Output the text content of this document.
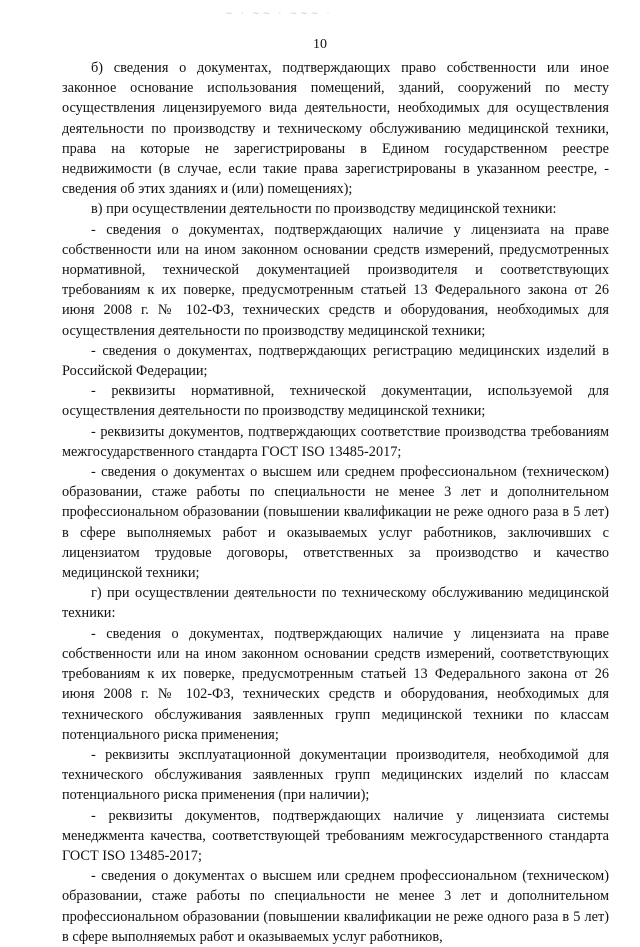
∼ · ∼∼ · ∼∼∼ ·
10

б) сведения о документах, подтверждающих право собственности или иное законное основание использования помещений, зданий, сооружений по месту осуществления лицензируемого вида деятельности, необходимых для осуществления деятельности по производству и техническому обслуживанию медицинской техники, права на которые не зарегистрированы в Едином государственном реестре недвижимости (в случае, если такие права зарегистрированы в указанном реестре, - сведения об этих зданиях и (или) помещениях);

в) при осуществлении деятельности по производству медицинской техники:

- сведения о документах, подтверждающих наличие у лицензиата на праве собственности или на ином законном основании средств измерений, предусмотренных нормативной, технической документацией производителя и соответствующих требованиям к их поверке, предусмотренным статьей 13 Федерального закона от 26 июня 2008 г. № 102-ФЗ, технических средств и оборудования, необходимых для осуществления деятельности по производству медицинской техники;

- сведения о документах, подтверждающих регистрацию медицинских изделий в Российской Федерации;

- реквизиты нормативной, технической документации, используемой для осуществления деятельности по производству медицинской техники;

- реквизиты документов, подтверждающих соответствие производства требованиям межгосударственного стандарта ГОСТ ISO 13485-2017;

- сведения о документах о высшем или среднем профессиональном (техническом) образовании, стаже работы по специальности не менее 3 лет и дополнительном профессиональном образовании (повышении квалификации не реже одного раза в 5 лет) в сфере выполняемых работ и оказываемых услуг работников, заключивших с лицензиатом трудовые договоры, ответственных за производство и качество медицинской техники;

г) при осуществлении деятельности по техническому обслуживанию медицинской техники:

- сведения о документах, подтверждающих наличие у лицензиата на праве собственности или на ином законном основании средств измерений, соответствующих требованиям к их поверке, предусмотренным статьей 13 Федерального закона от 26 июня 2008 г. № 102-ФЗ, технических средств и оборудования, необходимых для технического обслуживания заявленных групп медицинской техники по классам потенциального риска применения;

- реквизиты эксплуатационной документации производителя, необходимой для технического обслуживания заявленных групп медицинских изделий по классам потенциального риска применения (при наличии);

- реквизиты документов, подтверждающих наличие у лицензиата системы менеджмента качества, соответствующей требованиям межгосударственного стандарта ГОСТ ISO 13485-2017;

- сведения о документах о высшем или среднем профессиональном (техническом) образовании, стаже работы по специальности не менее 3 лет и дополнительном профессиональном образовании (повышении квалификации не реже одного раза в 5 лет) в сфере выполняемых работ и оказываемых услуг работников,
